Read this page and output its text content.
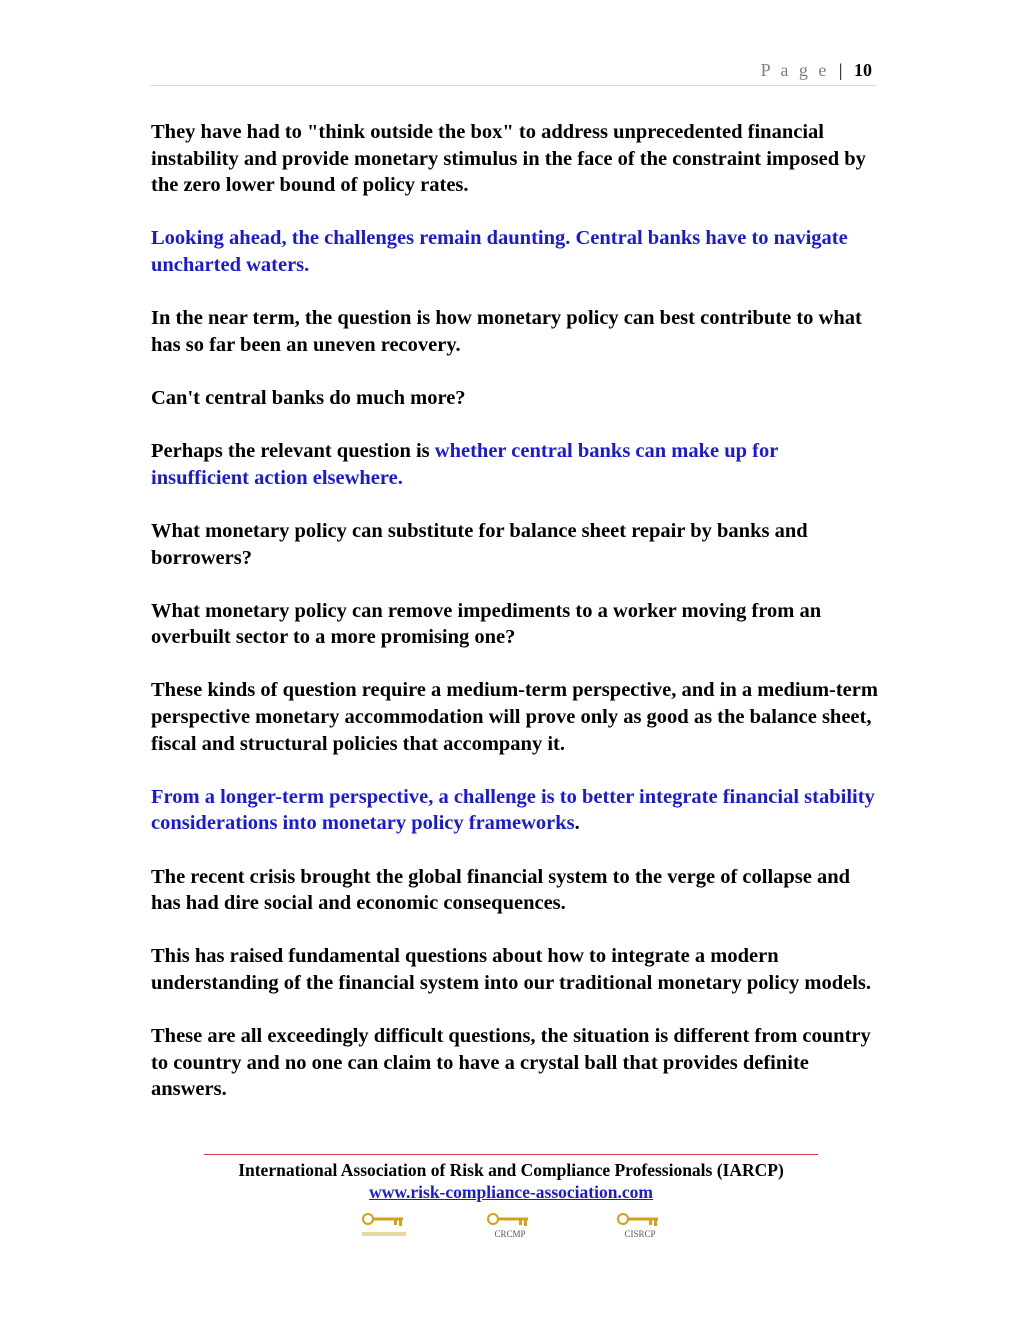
P a g e | 10

They have had to "think outside the box" to address unprecedented financial instability and provide monetary stimulus in the face of the constraint imposed by the zero lower bound of policy rates.

Looking ahead, the challenges remain daunting. Central banks have to navigate uncharted waters.

In the near term, the question is how monetary policy can best contribute to what has so far been an uneven recovery.

Can't central banks do much more?

Perhaps the relevant question is whether central banks can make up for insufficient action elsewhere.

What monetary policy can substitute for balance sheet repair by banks and borrowers?

What monetary policy can remove impediments to a worker moving from an overbuilt sector to a more promising one?

These kinds of question require a medium-term perspective, and in a medium-term perspective monetary accommodation will prove only as good as the balance sheet, fiscal and structural policies that accompany it.

From a longer-term perspective, a challenge is to better integrate financial stability considerations into monetary policy frameworks.

The recent crisis brought the global financial system to the verge of collapse and has had dire social and economic consequences.

This has raised fundamental questions about how to integrate a modern understanding of the financial system into our traditional monetary policy models.

These are all exceedingly difficult questions, the situation is different from country to country and no one can claim to have a crystal ball that provides definite answers.

International Association of Risk and Compliance Professionals (IARCP)
www.risk-compliance-association.com
CRCMP	CISRCP
